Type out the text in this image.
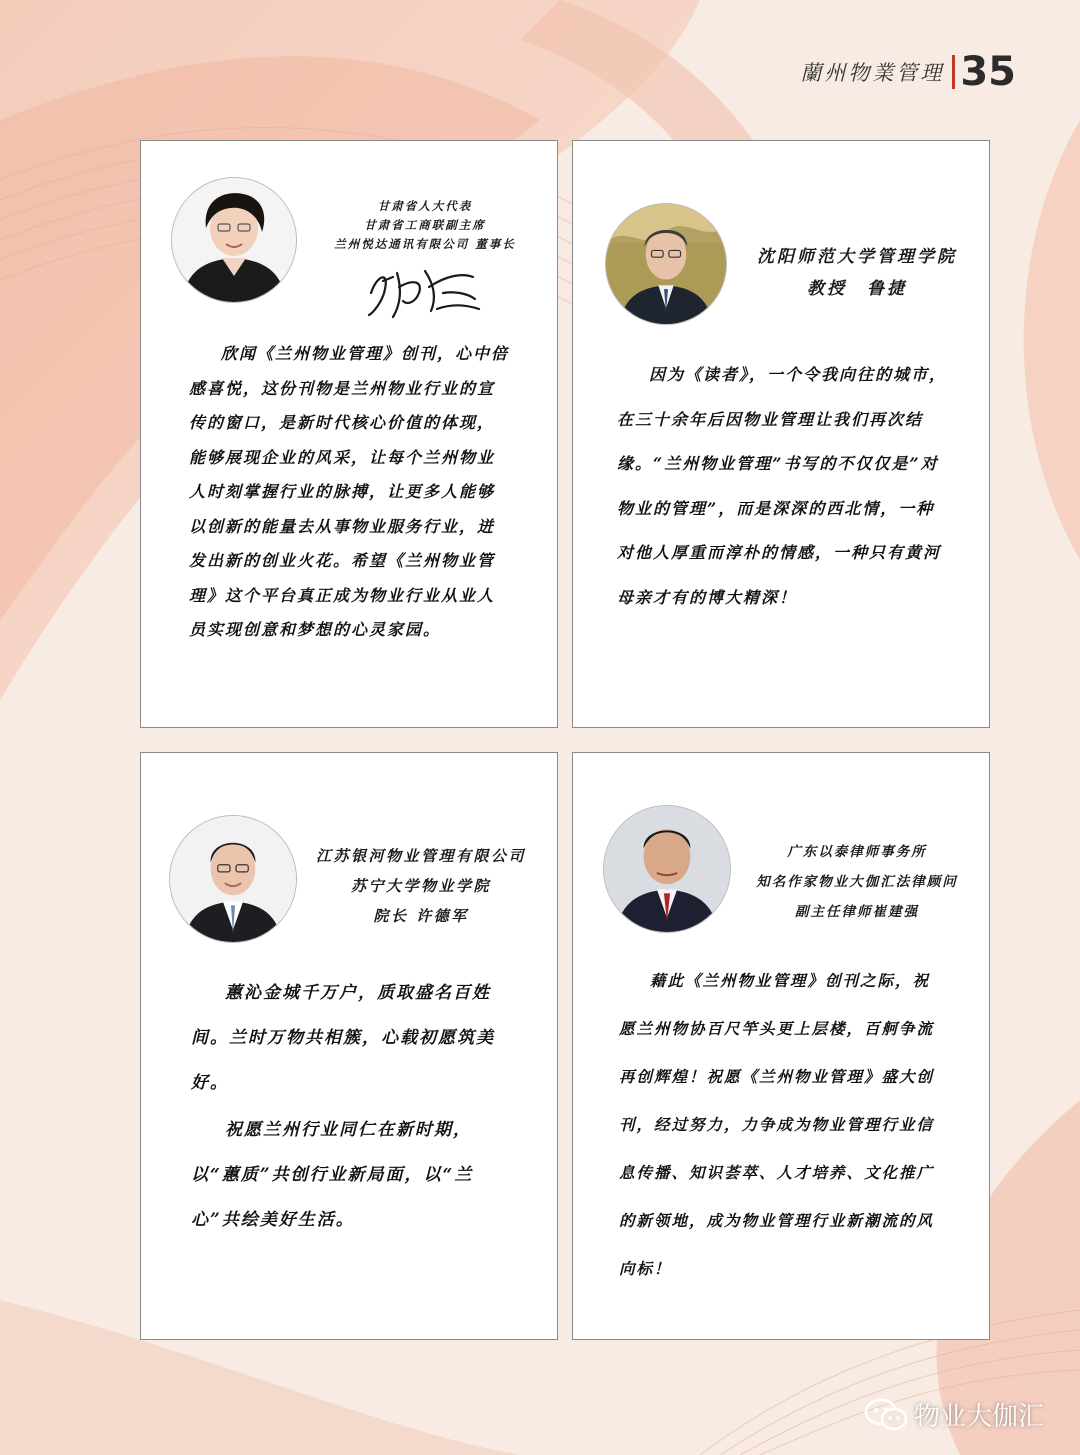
蘭州物業管理 35
甘肃省人大代表
甘肃省工商联副主席
兰州悦达通讯有限公司 董事长

欣闻《兰州物业管理》创刊，心中倍感喜悦，这份刊物是兰州物业行业的宣传的窗口，是新时代核心价值的体现，能够展现企业的风采，让每个兰州物业人时刻掌握行业的脉搏，让更多人能够以创新的能量去从事物业服务行业，迸发出新的创业火花。希望《兰州物业管理》这个平台真正成为物业行业从业人员实现创意和梦想的心灵家园。

沈阳师范大学管理学院
教授　鲁捷

因为《读者》，一个令我向往的城市，在三十余年后因物业管理让我们再次结缘。“兰州物业管理”书写的不仅仅是”对物业的管理”，而是深深的西北情，一种对他人厚重而淳朴的情感，一种只有黄河母亲才有的博大精深！

江苏银河物业管理有限公司
苏宁大学物业学院
院长 许德军

蕙沁金城千万户，质取盛名百姓间。兰时万物共相簇，心载初愿筑美好。

祝愿兰州行业同仁在新时期，以“蕙质”共创行业新局面，以“兰心”共绘美好生活。

广东以泰律师事务所
知名作家物业大伽汇法律顾问
副主任律师崔建强

藉此《兰州物业管理》创刊之际，祝愿兰州物协百尺竿头更上层楼，百舸争流再创辉煌！祝愿《兰州物业管理》盛大创刊，经过努力，力争成为物业管理行业信息传播、知识荟萃、人才培养、文化推广的新领地，成为物业管理行业新潮流的风向标！

物业大伽汇
